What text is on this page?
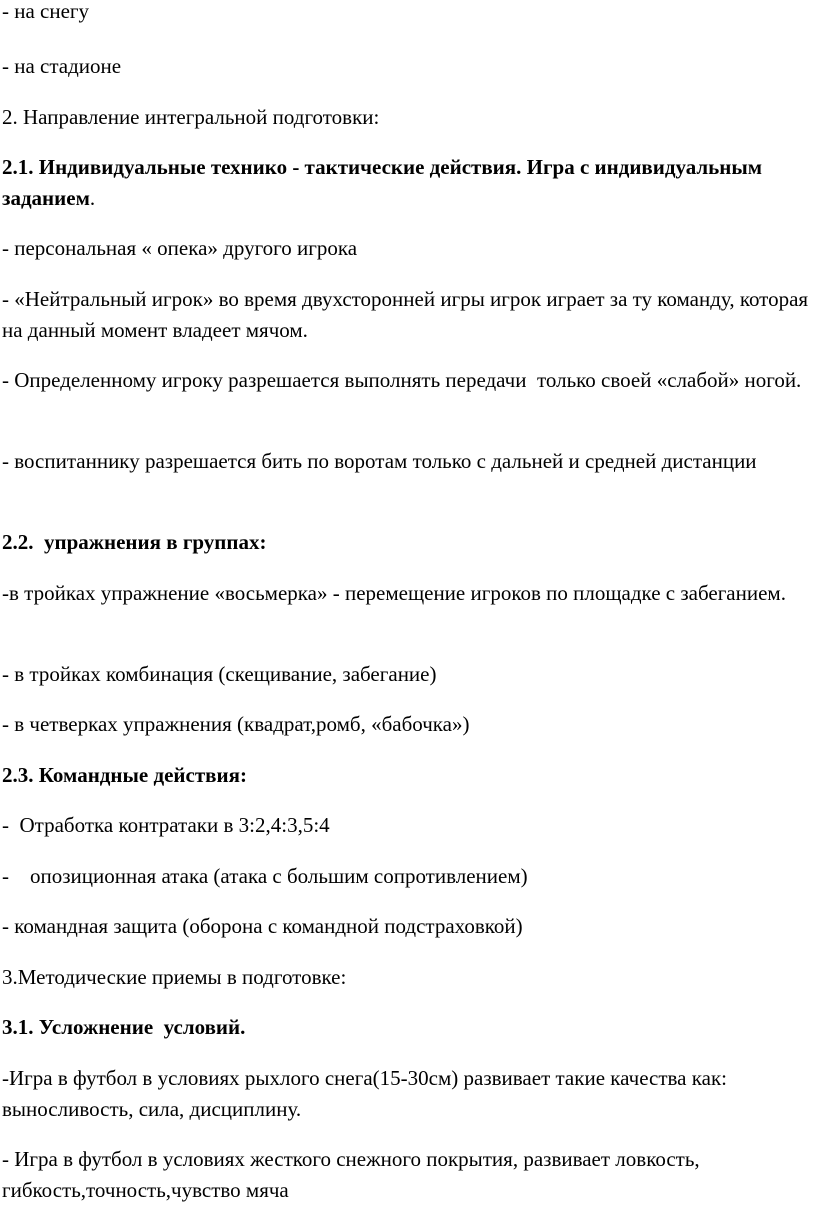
- на снегу

- на стадионе

2. Направление интегральной подготовки:

2.1. Индивидуальные технико - тактические действия. Игра с индивидуальным заданием.

- персональная « опека» другого игрока

- «Нейтральный игрок» во время двухсторонней игры игрок играет за ту команду, которая на данный момент владеет мячом.

- Определенному игроку разрешается выполнять передачи  только своей «слабой» ногой.

- воспитаннику разрешается бить по воротам только с дальней и средней дистанции

2.2.  упражнения в группах:

-в тройках упражнение «восьмерка» - перемещение игроков по площадке с забеганием.

- в тройках комбинация (скещивание, забегание)

- в четверках упражнения (квадрат,ромб, «бабочка»)

2.3. Командные действия:

-  Отработка контратаки в 3:2,4:3,5:4

-    опозиционная атака (атака с большим сопротивлением)

- командная защита (оборона с командной подстраховкой)

3.Методические приемы в подготовке:

3.1. Усложнение  условий.

-Игра в футбол в условиях рыхлого снега(15-30см) развивает такие качества как: выносливость, сила, дисциплину.

- Игра в футбол в условиях жесткого снежного покрытия, развивает ловкость, гибкость,точность,чувство мяча
